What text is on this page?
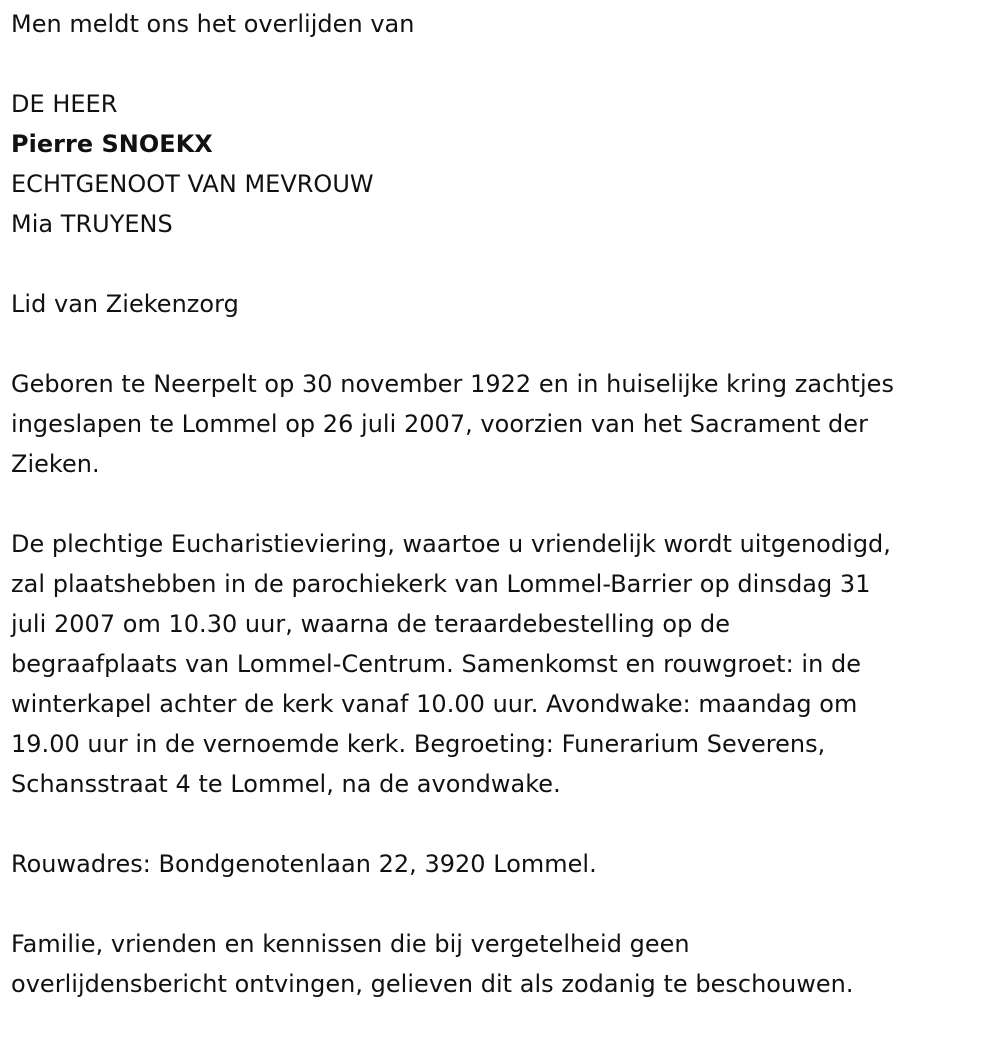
Men meldt ons het overlijden van
DE HEER
Pierre SNOEKX
ECHTGENOOT VAN MEVROUW
Mia TRUYENS
Lid van Ziekenzorg
Geboren te Neerpelt op 30 november 1922 en in huiselijke kring zachtjes
ingeslapen te Lommel op 26 juli 2007, voorzien van het Sacrament der
Zieken.
De plechtige Eucharistieviering, waartoe u vriendelijk wordt uitgenodigd,
zal plaatshebben in de parochiekerk van Lommel-Barrier op dinsdag 31
juli 2007 om 10.30 uur, waarna de teraardebestelling op de
begraafplaats van Lommel-Centrum. Samenkomst en rouwgroet: in de
winterkapel achter de kerk vanaf 10.00 uur. Avondwake: maandag om
19.00 uur in de vernoemde kerk. Begroeting: Funerarium Severens,
Schansstraat 4 te Lommel, na de avondwake.
Rouwadres: Bondgenotenlaan 22, 3920 Lommel.
Familie, vrienden en kennissen die bij vergetelheid geen
overlijdensbericht ontvingen, gelieven dit als zodanig te beschouwen.
